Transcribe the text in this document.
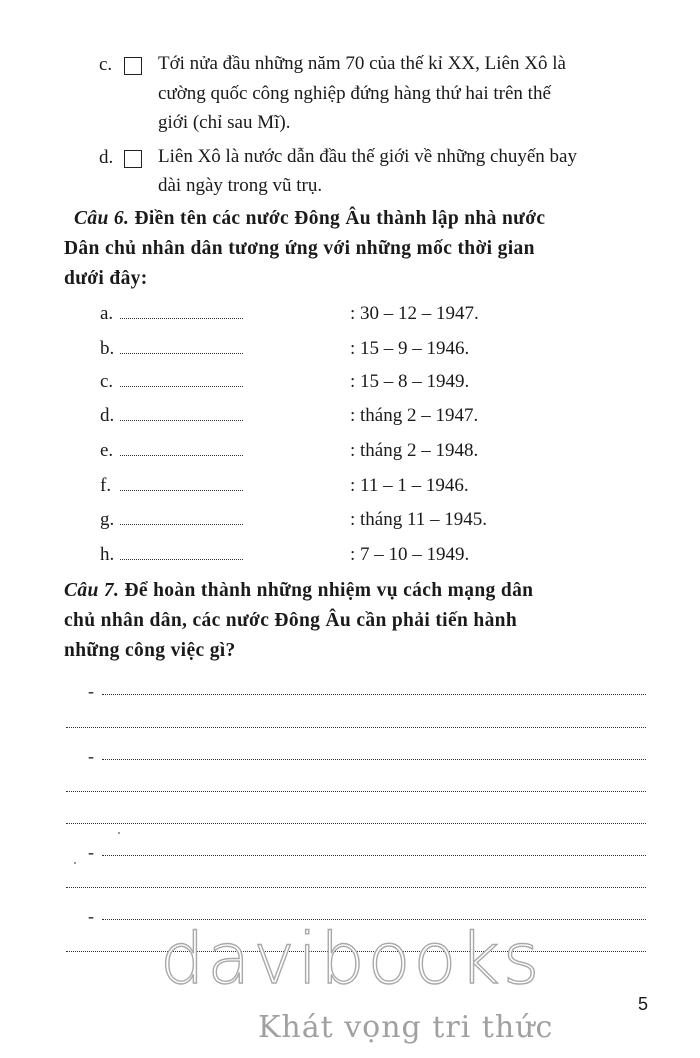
c. Tới nửa đầu những năm 70 của thế kỉ XX, Liên Xô là
cường quốc công nghiệp đứng hàng thứ hai trên thế
giới (chỉ sau Mĩ).
d. Liên Xô là nước dẫn đầu thế giới về những chuyến bay
dài ngày trong vũ trụ.
Câu 6. Điền tên các nước Đông Âu thành lập nhà nước
Dân chủ nhân dân tương ứng với những mốc thời gian
dưới đây:
a.	: 30 – 12 – 1947.
b.	: 15 – 9 – 1946.
c.	: 15 – 8 – 1949.
d.	: tháng 2 – 1947.
e.	: tháng 2 – 1948.
f.	: 11 – 1 – 1946.
g.	: tháng 11 – 1945.
h.	: 7 – 10 – 1949.
Câu 7. Để hoàn thành những nhiệm vụ cách mạng dân
chủ nhân dân, các nước Đông Âu cần phải tiến hành
những công việc gì?
-
-
-
-
davibooks
Khát vọng tri thức
5
